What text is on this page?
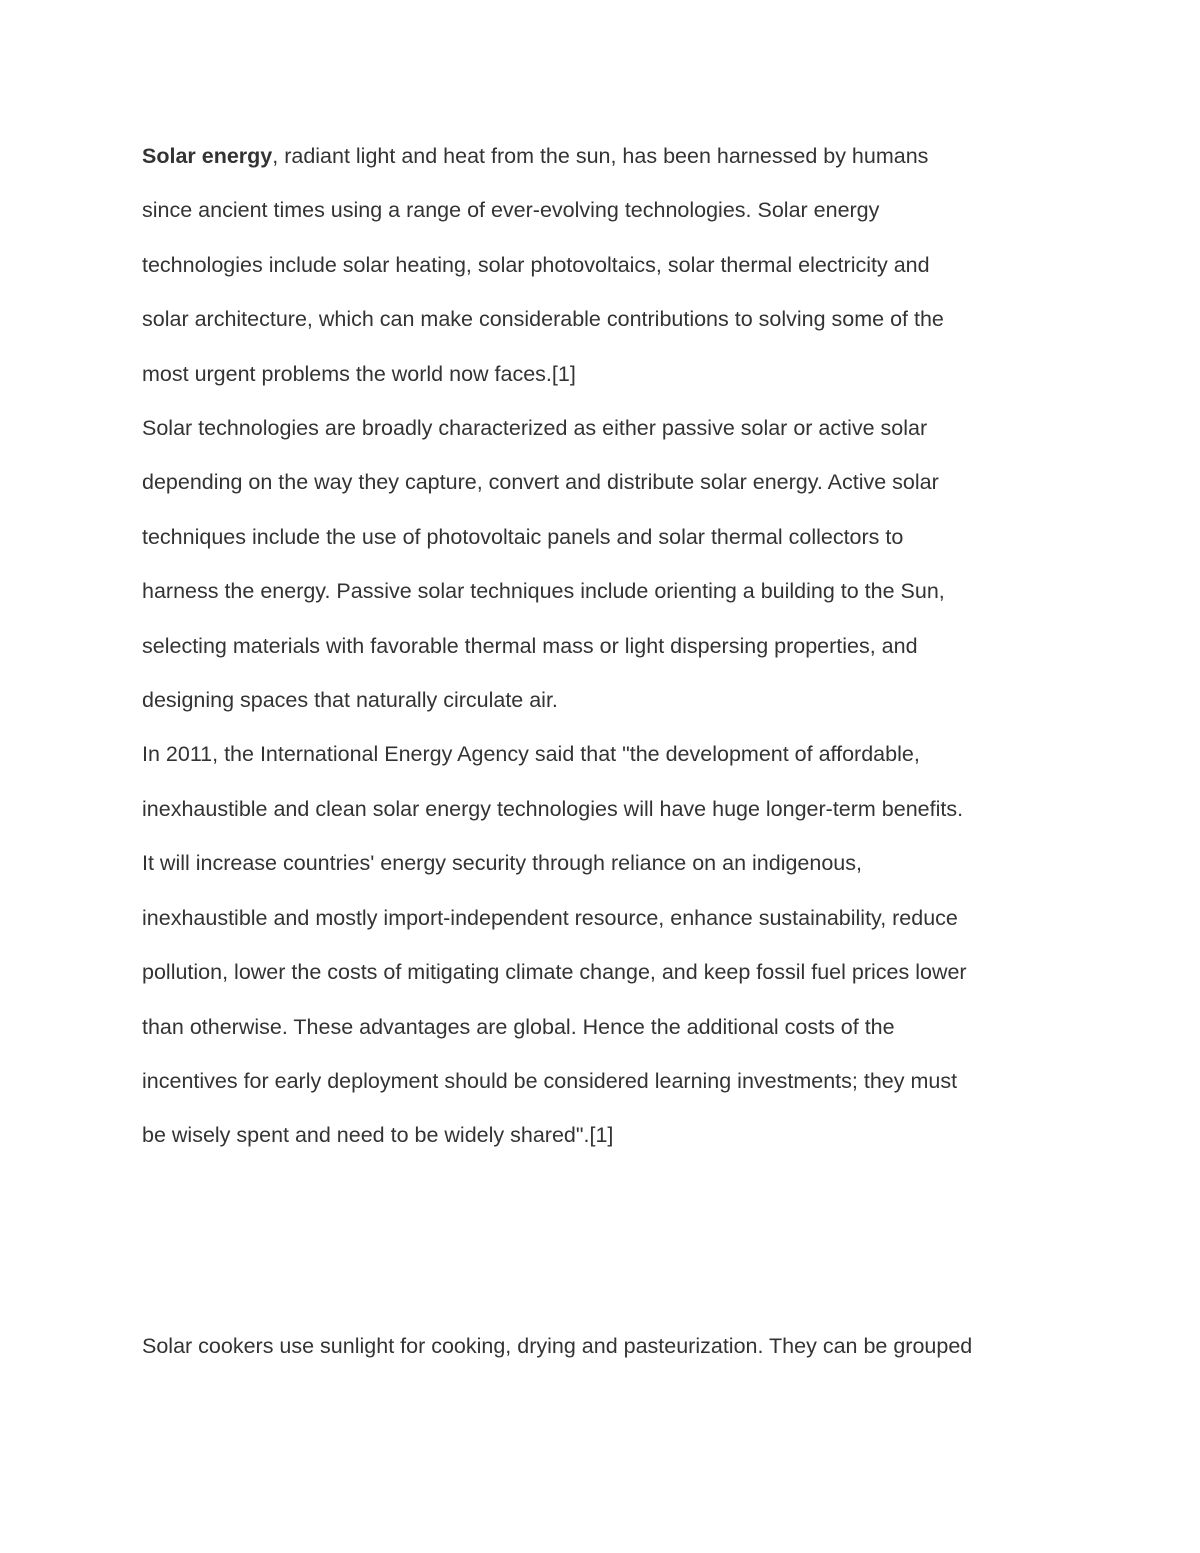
Solar energy, radiant light and heat from the sun, has been harnessed by humans
since ancient times using a range of ever-evolving technologies. Solar energy
technologies include solar heating, solar photovoltaics, solar thermal electricity and
solar architecture, which can make considerable contributions to solving some of the
most urgent problems the world now faces.[1]
Solar technologies are broadly characterized as either passive solar or active solar
depending on the way they capture, convert and distribute solar energy. Active solar
techniques include the use of photovoltaic panels and solar thermal collectors to
harness the energy. Passive solar techniques include orienting a building to the Sun,
selecting materials with favorable thermal mass or light dispersing properties, and
designing spaces that naturally circulate air.
In 2011, the International Energy Agency said that "the development of affordable,
inexhaustible and clean solar energy technologies will have huge longer-term benefits.
It will increase countries' energy security through reliance on an indigenous,
inexhaustible and mostly import-independent resource, enhance sustainability, reduce
pollution, lower the costs of mitigating climate change, and keep fossil fuel prices lower
than otherwise. These advantages are global. Hence the additional costs of the
incentives for early deployment should be considered learning investments; they must
be wisely spent and need to be widely shared".[1]

Solar cookers use sunlight for cooking, drying and pasteurization. They can be grouped
